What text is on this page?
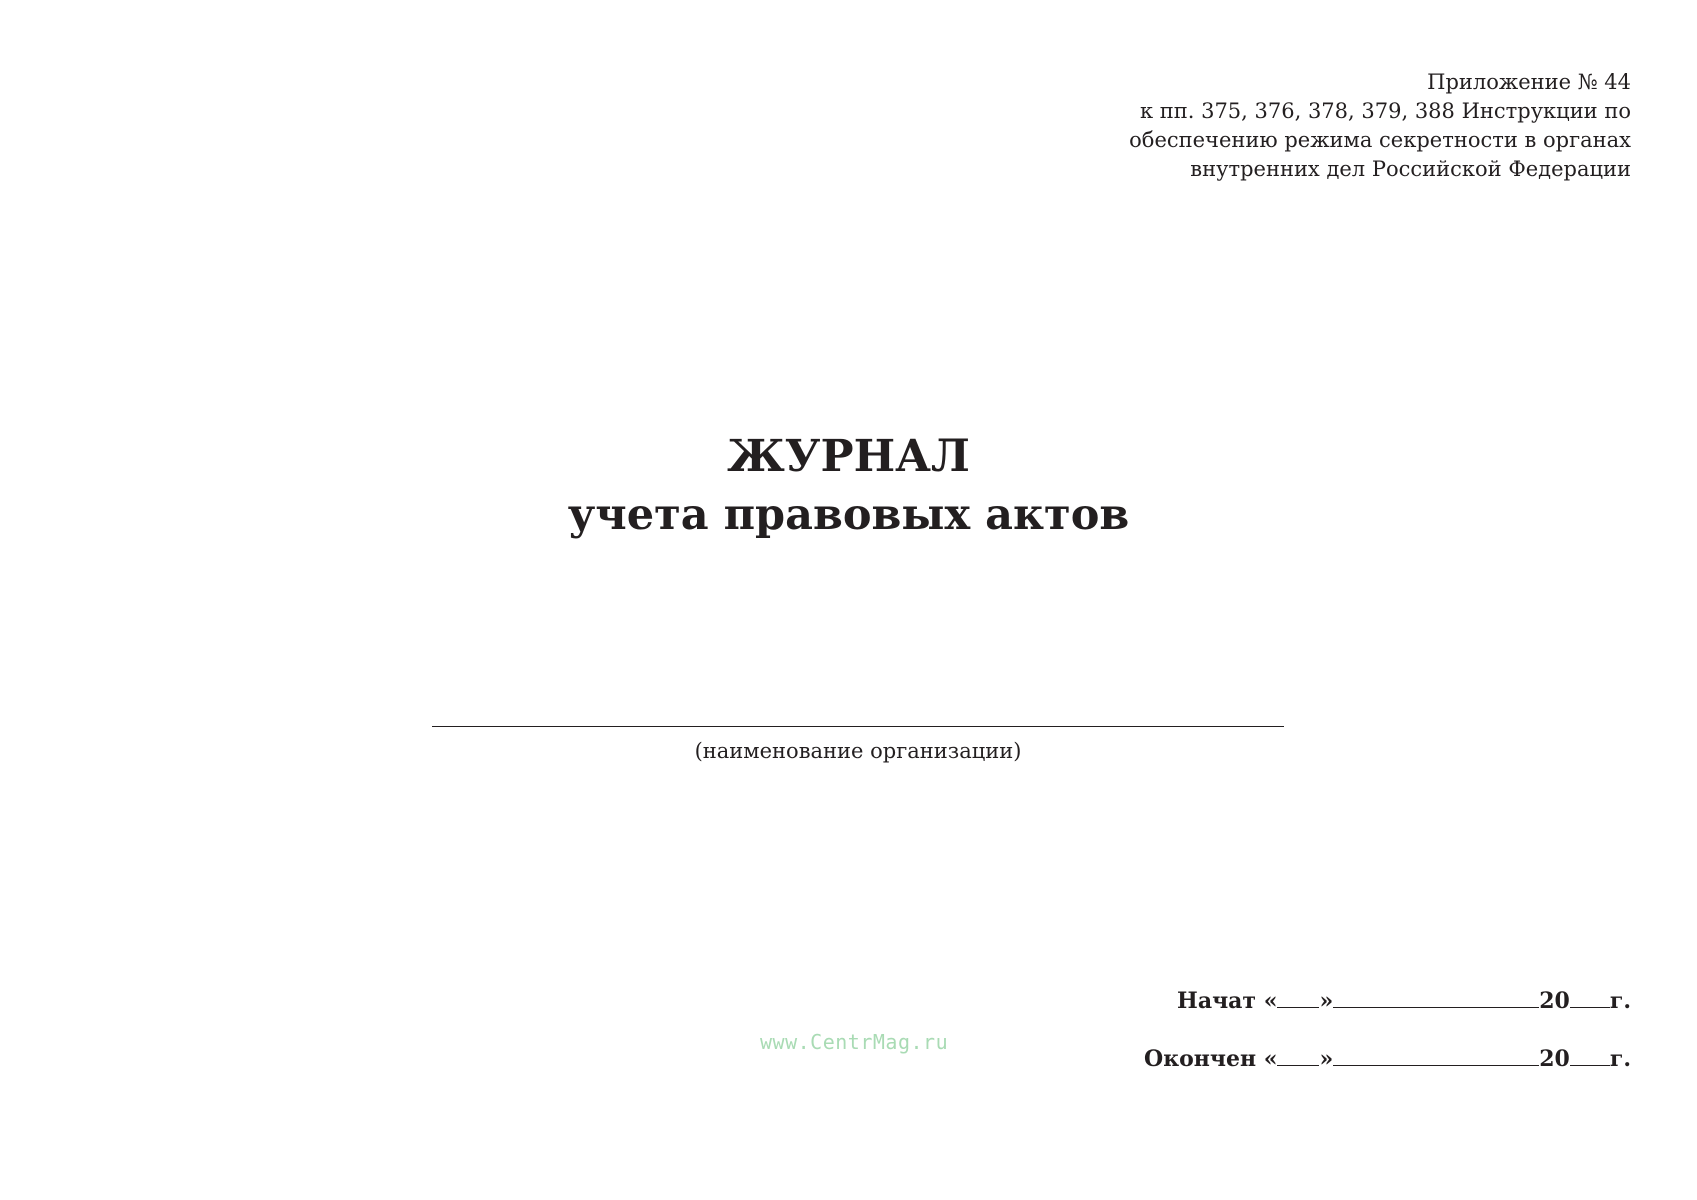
Приложение № 44
к пп. 375, 376, 378, 379, 388 Инструкции по
обеспечению режима секретности в органах
внутренних дел Российской Федерации
ЖУРНАЛ
учета правовых актов
(наименование организации)
Начат « »	20 г.
Окончен « »	20 г.
www.CentrMag.ru
